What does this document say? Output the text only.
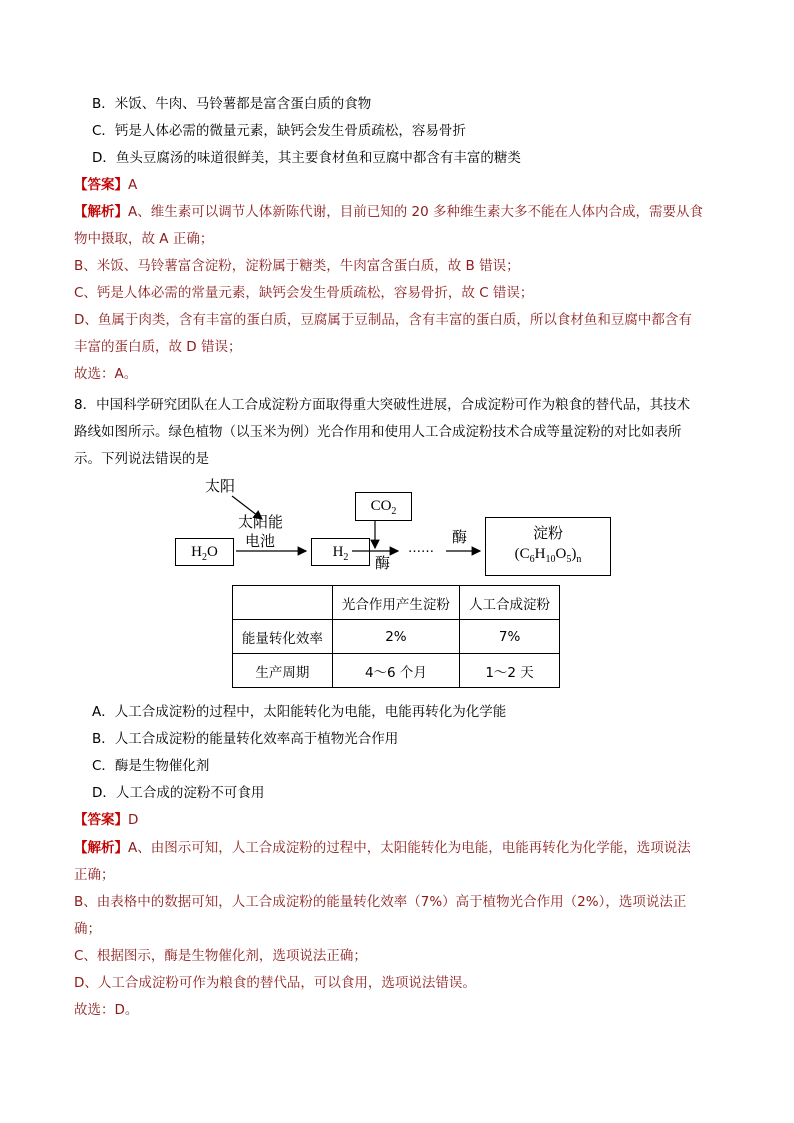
B．米饭、牛肉、马铃薯都是富含蛋白质的食物
C．钙是人体必需的微量元素，缺钙会发生骨质疏松，容易骨折
D．鱼头豆腐汤的味道很鲜美，其主要食材鱼和豆腐中都含有丰富的糖类
【答案】A
【解析】A、维生素可以调节人体新陈代谢，目前已知的 20 多种维生素大多不能在人体内合成，需要从食
物中摄取，故 A 正确；
B、米饭、马铃薯富含淀粉，淀粉属于糖类，牛肉富含蛋白质，故 B 错误；
C、钙是人体必需的常量元素，缺钙会发生骨质疏松，容易骨折，故 C 错误；
D、鱼属于肉类，含有丰富的蛋白质，豆腐属于豆制品，含有丰富的蛋白质，所以食材鱼和豆腐中都含有
丰富的蛋白质，故 D 错误；
故选：A。
8．中国科学研究团队在人工合成淀粉方面取得重大突破性进展，合成淀粉可作为粮食的替代品，其技术
路线如图所示。绿色植物（以玉米为例）光合作用和使用人工合成淀粉技术合成等量淀粉的对比如表所
示。下列说法错误的是
太阳
太阳能
电池
$H_2O$	$H_2$
$CO_2$
酶
……
酶	淀粉
$(C_6H_{10}O_5)_n$
	光合作用产生淀粉	人工合成淀粉
能量转化效率	2%	7%
生产周期	4～6 个月	1～2 天
A．人工合成淀粉的过程中，太阳能转化为电能，电能再转化为化学能
B．人工合成淀粉的能量转化效率高于植物光合作用
C．酶是生物催化剂
D．人工合成的淀粉不可食用
【答案】D
【解析】A、由图示可知，人工合成淀粉的过程中，太阳能转化为电能，电能再转化为化学能，选项说法
正确；
B、由表格中的数据可知，人工合成淀粉的能量转化效率（7%）高于植物光合作用（2%），选项说法正
确；
C、根据图示，酶是生物催化剂，选项说法正确；
D、人工合成淀粉可作为粮食的替代品，可以食用，选项说法错误。
故选：D。
